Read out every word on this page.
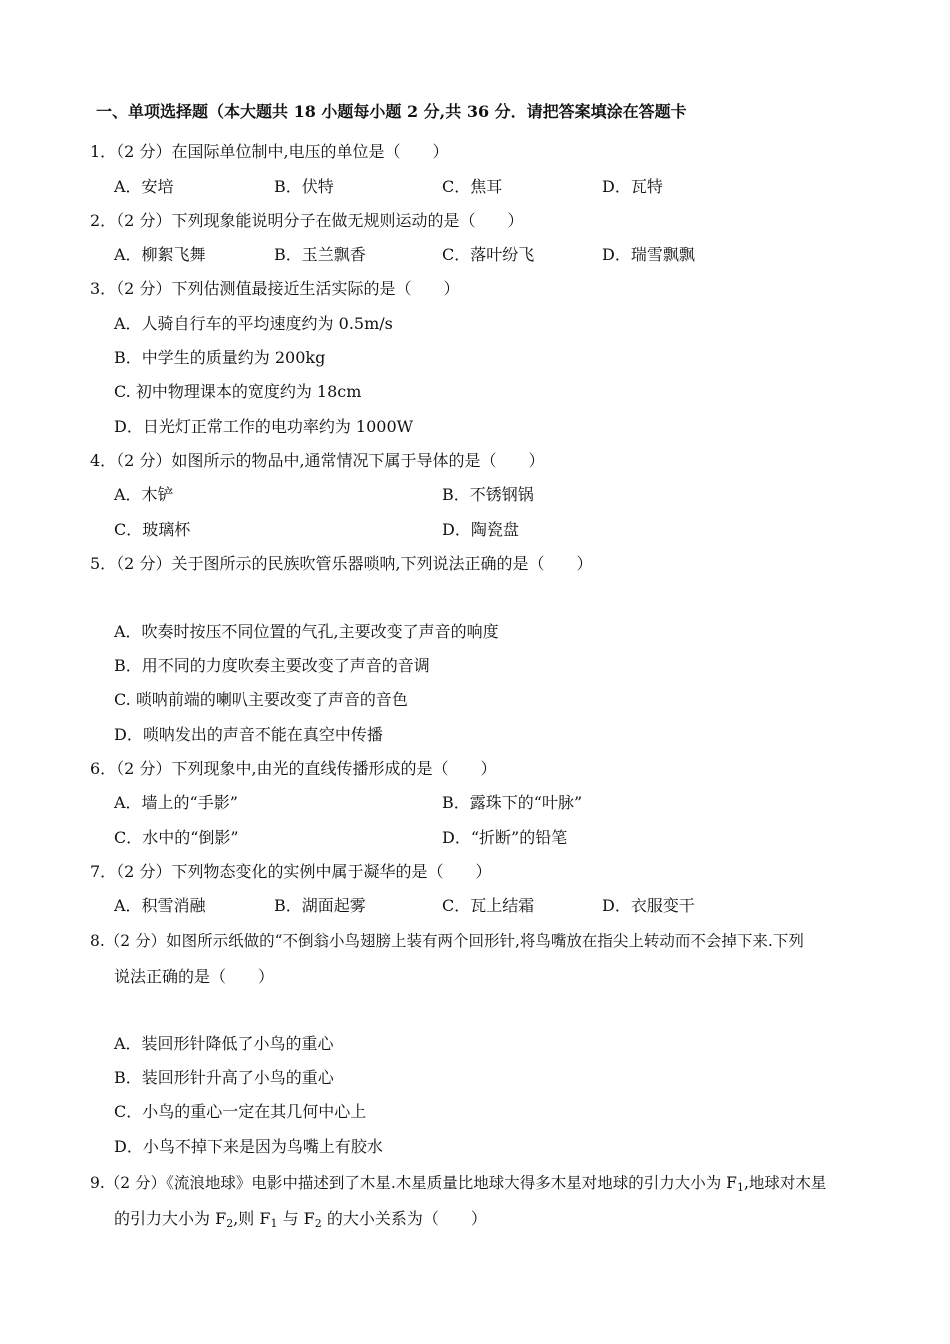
一、单项选择题（本大题共 18 小题每小题 2 分,共 36 分．请把答案填涂在答题卡
1．（2 分）在国际单位制中,电压的单位是（　　）
A．安培	B．伏特	C．焦耳	D．瓦特
2．（2 分）下列现象能说明分子在做无规则运动的是（　　）
A．柳絮飞舞	B．玉兰飘香	C．落叶纷飞	D．瑞雪飘飘
3．（2 分）下列估测值最接近生活实际的是（　　）
A．人骑自行车的平均速度约为 0.5m/s
B．中学生的质量约为 200kg
C. 初中物理课本的宽度约为 18cm
D．日光灯正常工作的电功率约为 1000W
4．（2 分）如图所示的物品中,通常情况下属于导体的是（　　）
A．木铲	B．不锈钢锅
C．玻璃杯	D．陶瓷盘
5．（2 分）关于图所示的民族吹管乐器唢呐,下列说法正确的是（　　）
A．吹奏时按压不同位置的气孔,主要改变了声音的响度
B．用不同的力度吹奏主要改变了声音的音调
C. 唢呐前端的喇叭主要改变了声音的音色
D．唢呐发出的声音不能在真空中传播
6．（2 分）下列现象中,由光的直线传播形成的是（　　）
A．墙上的“手影”	B．露珠下的“叶脉”
C．水中的“倒影”	D．“折断”的铅笔
7．（2 分）下列物态变化的实例中属于凝华的是（　　）
A．积雪消融	B．湖面起雾	C．瓦上结霜	D．衣服变干
8.（2 分）如图所示纸做的“不倒翁小鸟翅膀上装有两个回形针,将鸟嘴放在指尖上转动而不会掉下来.下列
说法正确的是（　　）
A．装回形针降低了小鸟的重心
B．装回形针升高了小鸟的重心
C．小鸟的重心一定在其几何中心上
D．小鸟不掉下来是因为鸟嘴上有胶水
9.（2 分）《流浪地球》电影中描述到了木星.木星质量比地球大得多木星对地球的引力大小为 $F_1$,地球对木星
的引力大小为 $F_2$,则 $F_1$ 与 $F_2$ 的大小关系为（　　）
